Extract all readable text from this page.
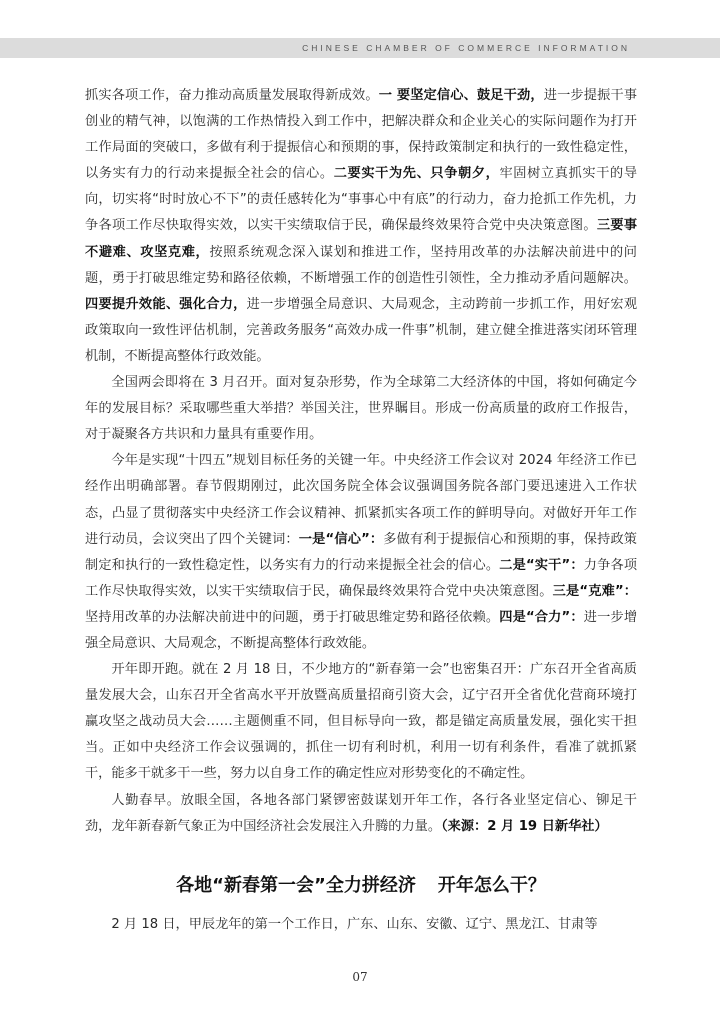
CHINESE CHAMBER OF COMMERCE INFORMATION

抓实各项工作，奋力推动高质量发展取得新成效。一 要坚定信心、鼓足干劲，进一步提振干事创业的精气神，以饱满的工作热情投入到工作中，把解决群众和企业关心的实际问题作为打开工作局面的突破口，多做有利于提振信心和预期的事，保持政策制定和执行的一致性稳定性，以务实有力的行动来提振全社会的信心。二要实干为先、只争朝夕，牢固树立真抓实干的导向，切实将“时时放心不下”的责任感转化为“事事心中有底”的行动力，奋力抢抓工作先机，力争各项工作尽快取得实效，以实干实绩取信于民，确保最终效果符合党中央决策意图。三要事不避难、攻坚克难，按照系统观念深入谋划和推进工作，坚持用改革的办法解决前进中的问题，勇于打破思维定势和路径依赖，不断增强工作的创造性引领性，全力推动矛盾问题解决。四要提升效能、强化合力，进一步增强全局意识、大局观念，主动跨前一步抓工作，用好宏观政策取向一致性评估机制，完善政务服务“高效办成一件事”机制，建立健全推进落实闭环管理机制，不断提高整体行政效能。

全国两会即将在 3 月召开。面对复杂形势，作为全球第二大经济体的中国，将如何确定今年的发展目标？采取哪些重大举措？举国关注，世界瞩目。形成一份高质量的政府工作报告，对于凝聚各方共识和力量具有重要作用。

今年是实现“十四五”规划目标任务的关键一年。中央经济工作会议对 2024 年经济工作已经作出明确部署。春节假期刚过，此次国务院全体会议强调国务院各部门要迅速进入工作状态，凸显了贯彻落实中央经济工作会议精神、抓紧抓实各项工作的鲜明导向。对做好开年工作进行动员，会议突出了四个关键词：一是“信心”：多做有利于提振信心和预期的事，保持政策制定和执行的一致性稳定性，以务实有力的行动来提振全社会的信心。二是“实干”：力争各项工作尽快取得实效，以实干实绩取信于民，确保最终效果符合党中央决策意图。三是“克难”：坚持用改革的办法解决前进中的问题，勇于打破思维定势和路径依赖。四是“合力”：进一步增强全局意识、大局观念，不断提高整体行政效能。

开年即开跑。就在 2 月 18 日，不少地方的“新春第一会”也密集召开：广东召开全省高质量发展大会，山东召开全省高水平开放暨高质量招商引资大会，辽宁召开全省优化营商环境打赢攻坚之战动员大会……主题侧重不同，但目标导向一致，都是锚定高质量发展，强化实干担当。正如中央经济工作会议强调的，抓住一切有利时机，利用一切有利条件，看准了就抓紧干，能多干就多干一些，努力以自身工作的确定性应对形势变化的不确定性。

人勤春早。放眼全国，各地各部门紧锣密鼓谋划开年工作，各行各业坚定信心、铆足干劲，龙年新春新气象正为中国经济社会发展注入升腾的力量。（来源：2 月 19 日新华社）

各地“新春第一会”全力拼经济 开年怎么干？

2 月 18 日，甲辰龙年的第一个工作日，广东、山东、安徽、辽宁、黑龙江、甘肃等

07
